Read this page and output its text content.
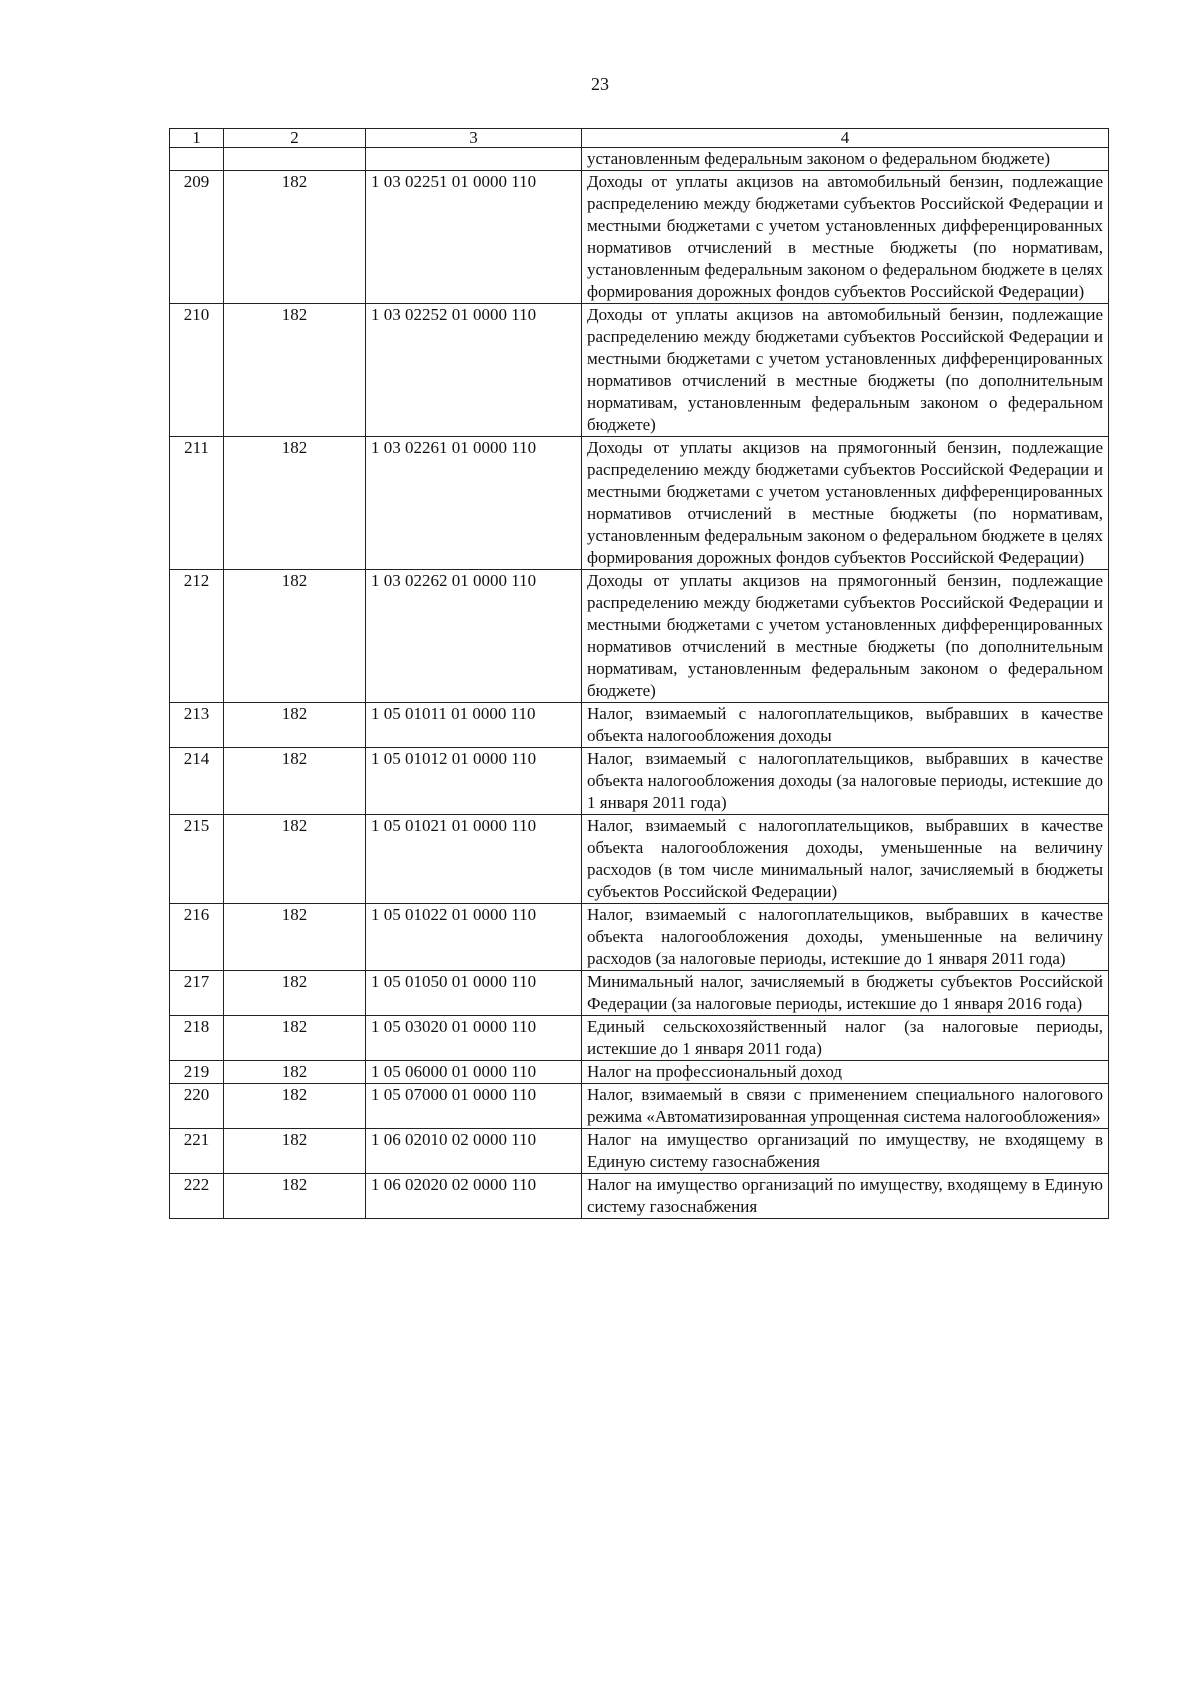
23
1	2	3	4
			установленным федеральным законом о федеральном бюджете)
209	182	1 03 02251 01 0000 110	Доходы от уплаты акцизов на автомобильный бензин, подлежащие распределению между бюджетами субъектов Российской Федерации и местными бюджетами с учетом установленных дифференцированных нормативов отчислений в местные бюджеты (по нормативам, установленным федеральным законом о федеральном бюджете в целях формирования дорожных фондов субъектов Российской Федерации)
210	182	1 03 02252 01 0000 110	Доходы от уплаты акцизов на автомобильный бензин, подлежащие распределению между бюджетами субъектов Российской Федерации и местными бюджетами с учетом установленных дифференцированных нормативов отчислений в местные бюджеты (по дополнительным нормативам, установленным федеральным законом о федеральном бюджете)
211	182	1 03 02261 01 0000 110	Доходы от уплаты акцизов на прямогонный бензин, подлежащие распределению между бюджетами субъектов Российской Федерации и местными бюджетами с учетом установленных дифференцированных нормативов отчислений в местные бюджеты (по нормативам, установленным федеральным законом о федеральном бюджете в целях формирования дорожных фондов субъектов Российской Федерации)
212	182	1 03 02262 01 0000 110	Доходы от уплаты акцизов на прямогонный бензин, подлежащие распределению между бюджетами субъектов Российской Федерации и местными бюджетами с учетом установленных дифференцированных нормативов отчислений в местные бюджеты (по дополнительным нормативам, установленным федеральным законом о федеральном бюджете)
213	182	1 05 01011 01 0000 110	Налог, взимаемый с налогоплательщиков, выбравших в качестве объекта налогообложения доходы
214	182	1 05 01012 01 0000 110	Налог, взимаемый с налогоплательщиков, выбравших в качестве объекта налогообложения доходы (за налоговые периоды, истекшие до 1 января 2011 года)
215	182	1 05 01021 01 0000 110	Налог, взимаемый с налогоплательщиков, выбравших в качестве объекта налогообложения доходы, уменьшенные на величину расходов (в том числе минимальный налог, зачисляемый в бюджеты субъектов Российской Федерации)
216	182	1 05 01022 01 0000 110	Налог, взимаемый с налогоплательщиков, выбравших в качестве объекта налогообложения доходы, уменьшенные на величину расходов (за налоговые периоды, истекшие до 1 января 2011 года)
217	182	1 05 01050 01 0000 110	Минимальный налог, зачисляемый в бюджеты субъектов Российской Федерации (за налоговые периоды, истекшие до 1 января 2016 года)
218	182	1 05 03020 01 0000 110	Единый сельскохозяйственный налог (за налоговые периоды, истекшие до 1 января 2011 года)
219	182	1 05 06000 01 0000 110	Налог на профессиональный доход
220	182	1 05 07000 01 0000 110	Налог, взимаемый в связи с применением специального налогового режима «Автоматизированная упрощенная система налогообложения»
221	182	1 06 02010 02 0000 110	Налог на имущество организаций по имуществу, не входящему в Единую систему газоснабжения
222	182	1 06 02020 02 0000 110	Налог на имущество организаций по имуществу, входящему в Единую систему газоснабжения
